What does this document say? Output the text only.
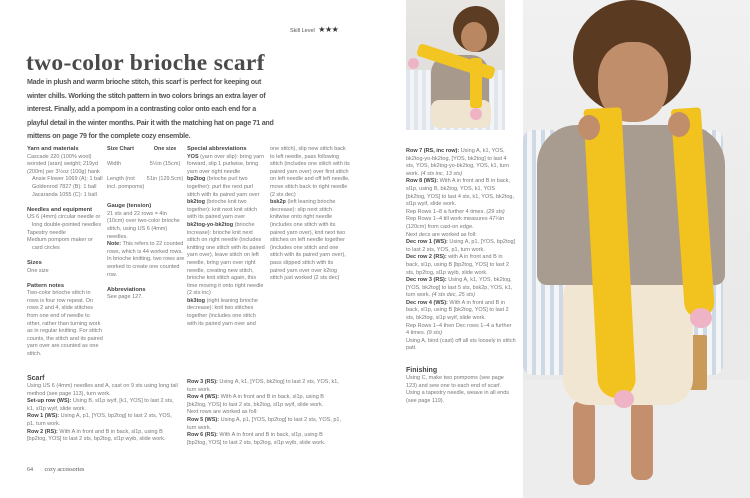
Skill Level ★★★
two-color brioche scarf

Made in plush and warm brioche stitch, this scarf is perfect for keeping out winter chills. Working the stitch pattern in two colors brings an extra layer of interest. Finally, add a pompom in a contrasting color onto each end for a playful detail in the winter months. Pair it with the matching hat on page 71 and mittens on page 79 for the complete cozy ensemble.

Yarn and materials

Cascade 220 (100% wool) worsted (aran) weight; 219yd (200m) per 3½oz (100g) hank

Ansie Flower 1069 (A): 1 ball

Goldenrod 7827 (B): 1 ball

Jacaranda 1055 (C): 1 ball

Needles and equipment

US 6 (4mm) circular needle or long double-pointed needles

Tapestry needle

Medium pompom maker or card circles

Sizes

One size

Pattern notes

Two-color brioche stitch in rows is four row repeat. On rows 2 and 4, slide stitches from one end of needle to other, rather than turning work as in regular knitting. For stitch counts, the stitch and its paired yarn over are counted as one stitch.

Size Chart	One size
Width	5½in (15cm)
Length (not incl. pompoms)	51in (129.5cm)
Gauge (tension)

21 sts and 22 rows = 4in (10cm) over two-color brioche stitch, using US 6 (4mm) needles.

Note: This refers to 22 counted rows, which is 44 worked rows. In brioche knitting, two rows are worked to create one counted row.

Abbreviations

See page 127.

Special abbreviations

YOS (yarn over slip): bring yarn forward, slip 1 purlwise, bring yarn over right needle

bp2tog (brioche purl two together): purl the next purl stitch with its paired yarn over

bk2tog (brioche knit two together): knit next knit stitch with its paired yarn over

bk2tog-yo-bk2tog (brioche increase): brioche knit next stitch on right needle (includes knitting one stitch with its paired yarn over), leave stitch on left needle, bring yarn over right needle, creating new stitch, brioche knit stitch again, this time moving it onto right needle (2 sts inc)

bk3tog (right leaning brioche decrease): knit two stitches together (includes one stitch with its paired yarn over and

one stitch), slip new stitch back to left needle, pass following stitch (includes one stitch with its paired yarn over) over first stitch on left needle and off left needle, move stitch back to right needle (2 sts dec)

bsk2p (left leaning brioche decrease): slip next stitch knitwise onto right needle (includes one stitch with its paired yarn over), knit next two stitches on left needle together (includes one stitch and one stitch with its paired yarn over), pass slipped stitch with its paired yarn over over k2tog stitch just worked (2 sts dec)

Scarf

Using US 6 (4mm) needles and A, cast on 9 sts using long tail method (see page 113), turn work.

Set-up row (WS): Using B, sl1p wyif, [k1, YOS] to last 2 sts, k1, sl1p wyif, slide work.

Row 1 (WS): Using A, p1, [YOS, bp2tog] to last 2 sts, YOS, p1, turn work.

Row 2 (RS): With A in front and B in back, sl1p, using B [bp2tog, YOS] to last 2 sts, bp2tog, sl1p wyib, slide work.

Row 3 (RS): Using A, k1, [YOS, bk2tog] to last 2 sts, YOS, k1, turn work.

Row 4 (WS): With A in front and B in back, sl1p, using B [bk2tog, YOS] to last 2 sts, bk2tog, sl1p wyif, slide work.

Next rows are worked as foll:

Row 5 (WS): Using A, p1, [YOS, bp2tog] to last 2 sts, YOS, p1, turn work.

Row 6 (RS): With A in front and B in back, sl1p, using B [bp2tog, YOS] to last 2 sts, bp2tog, sl1p wyib, slide work.

Row 7 (RS, inc row): Using A, k1, YOS, bk2tog-yo-bk2tog, [YOS, bk2tog] to last 4 sts, YOS, bk2tog-yo-bk2tog, YOS, k1, turn work. (4 sts inc, 13 sts)

Row 8 (WS): With A in front and B in back, sl1p, using B, bk2tog, YOS, k1, YOS [bk2tog, YOS] to last 4 sts, k1, YOS, bk2tog, sl1p wyif, slide work.

Rep Rows 1–8 a further 4 times. (29 sts)

Rep Rows 1–4 till work measures 47¼in (120cm) from cast-on edge.

Next decs are worked as foll:

Dec row 1 (WS): Using A, p1, [YOS, bp2tog] to last 2 sts, YOS, p1, turn work.

Dec row 2 (RS): with A in front and B in back, sl1p, using B [bp2tog, YOS] to last 2 sts, bp2tog, sl1p wyib, slide work.

Dec row 3 (RS): Using A, k1, YOS, bk2tog, [YOS, bk2tog] to last 5 sts, bsk2p, YOS, k1, turn work. (4 sts dec, 25 sts)

Dec row 4 (WS): With A in front and B in back, sl1p, using B [bk2tog, YOS] to last 2 sts, bk2tog, sl1p wyif, slide work.

Rep Rows 1–4 then Dec rows 1–4 a further 4 times. (9 sts)

Using A, bind (cast) off all sts loosely in stitch patt.

Finishing

Using C, make two pompoms (see page 123) and sew one to each end of scarf. Using a tapestry needle, weave in all ends (see page 119).

64 cozy accessories
